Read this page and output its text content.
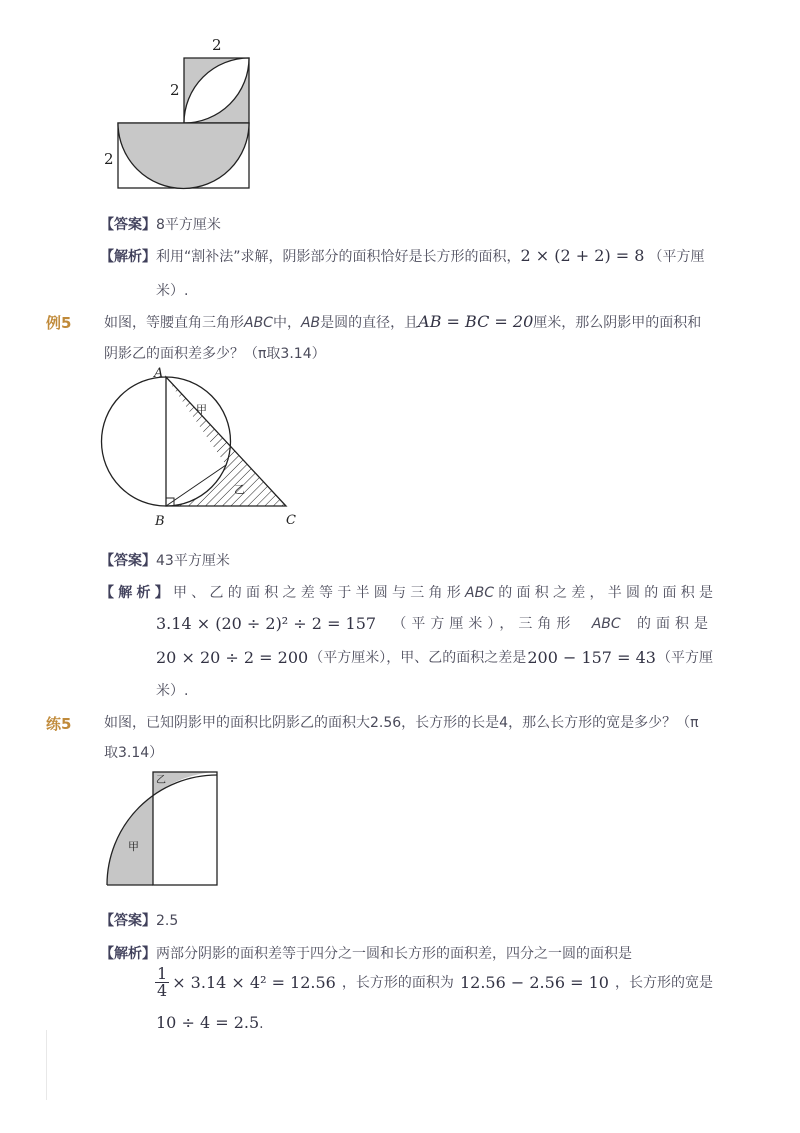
2
2
2
【答案】8平方厘米
【解析】利用“割补法”求解，阴影部分的面积恰好是长方形的面积，2 × (2 + 2) = 8 （平方厘
米）.
例5 如图，等腰直角三角形ABC中，AB是圆的直径，且AB = BC = 20厘米，那么阴影甲的面积和
阴影乙的面积差多少？（π取3.14）
A
B	C
甲
乙
【答案】43平方厘米
【解析】甲、乙的面积之差等于半圆与三角形ABC的面积之差，半圆的面积是
3.14 × (20 ÷ 2)² ÷ 2 = 157 （平方厘米），三角形 ABC 的面积是
20 × 20 ÷ 2 = 200 （平方厘米），甲、乙的面积之差是 200 − 157 = 43 （平方厘
米）.
练5 如图，已知阴影甲的面积比阴影乙的面积大2.56，长方形的长是4，那么长方形的宽是多少？（π
取3.14）
甲
乙
【答案】2.5
【解析】两部分阴影的面积差等于四分之一圆和长方形的面积差，四分之一圆的面积是
$\frac{1}{4} \times 3.14 \times 4^2 = 12.56$ ，长方形的面积为 12.56 − 2.56 = 10 ，长方形的宽是
10 ÷ 4 = 2.5.
